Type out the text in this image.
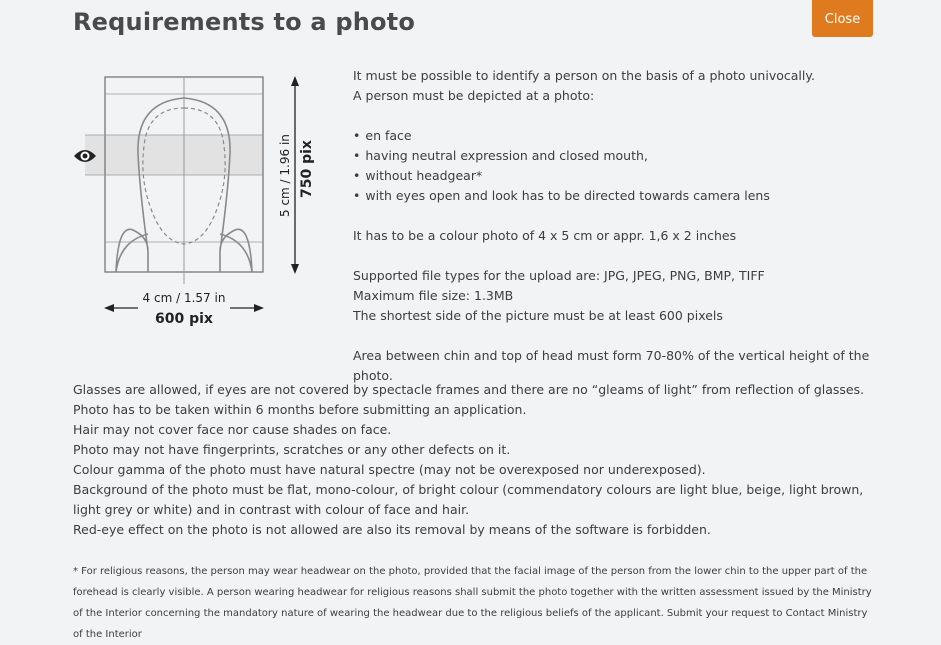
Requirements to a photo	Close
5 cm / 1.96 in 750 pix
4 cm / 1.57 in
600 pix

It must be possible to identify a person on the basis of a photo univocally.

A person must be depicted at a photo:

• en face
• having neutral expression and closed mouth,
• without headgear*
• with eyes open and look has to be directed towards camera lens

It has to be a colour photo of 4 x 5 cm or appr. 1,6 x 2 inches

Supported file types for the upload are: JPG, JPEG, PNG, BMP, TIFF

Maximum file size: 1.3MB

The shortest side of the picture must be at least 600 pixels

Area between chin and top of head must form 70-80% of the vertical height of the

photo.

Glasses are allowed, if eyes are not covered by spectacle frames and there are no “gleams of light” from reflection of glasses.

Photo has to be taken within 6 months before submitting an application.

Hair may not cover face nor cause shades on face.

Photo may not have fingerprints, scratches or any other defects on it.

Colour gamma of the photo must have natural spectre (may not be overexposed nor underexposed).

Background of the photo must be flat, mono-colour, of bright colour (commendatory colours are light blue, beige, light brown, light grey or white) and in contrast with colour of face and hair.

Red-eye effect on the photo is not allowed are also its removal by means of the software is forbidden.

* For religious reasons, the person may wear headwear on the photo, provided that the facial image of the person from the lower chin to the upper part of the forehead is clearly visible. A person wearing headwear for religious reasons shall submit the photo together with the written assessment issued by the Ministry of the Interior concerning the mandatory nature of wearing the headwear due to the religious beliefs of the applicant. Submit your request to Contact Ministry of the Interior
